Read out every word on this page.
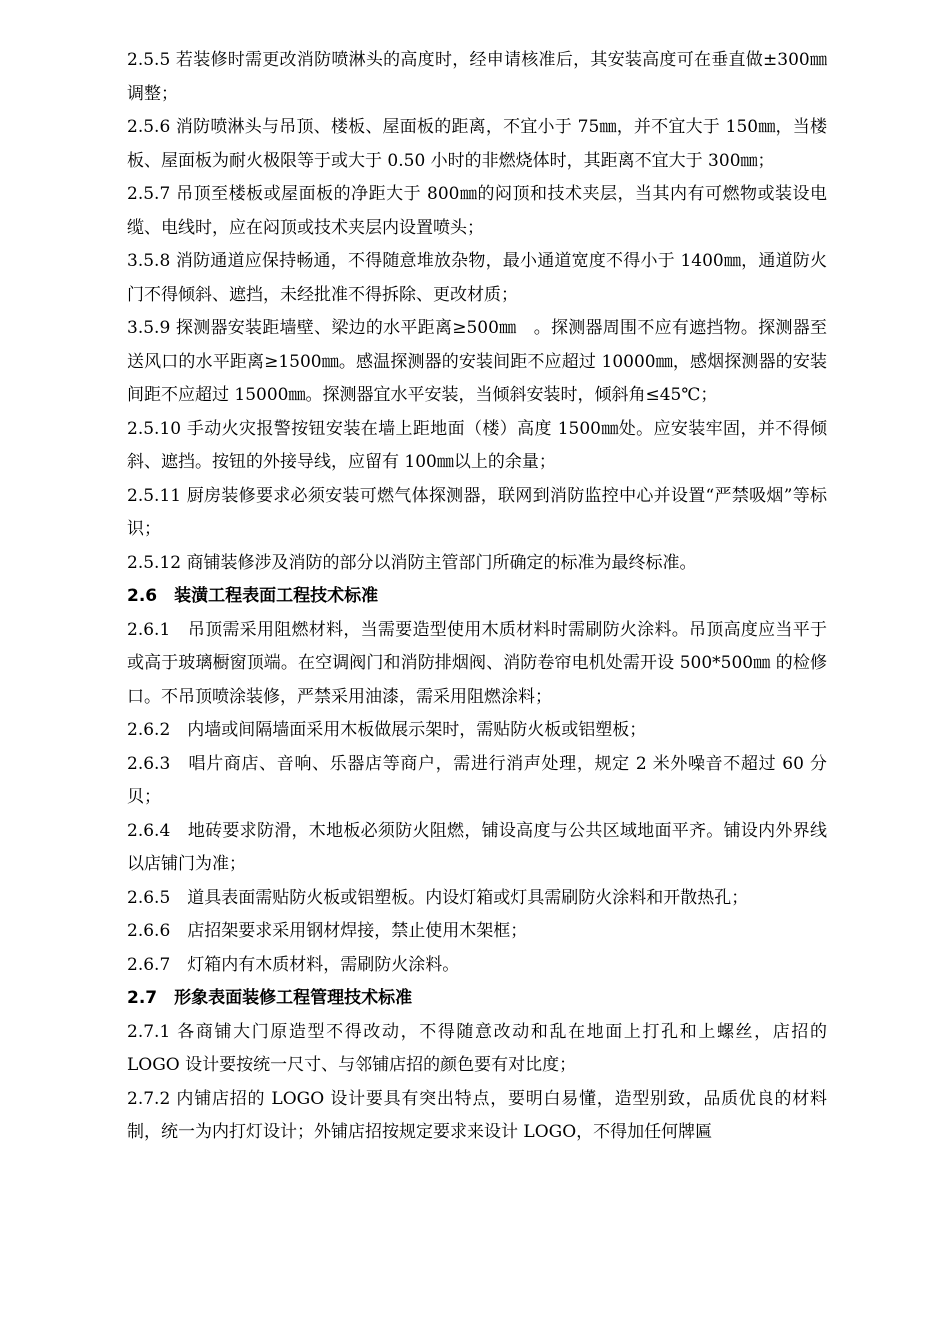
2.5.5 若装修时需更改消防喷淋头的高度时，经申请核准后，其安装高度可在垂直做±300㎜调整；

2.5.6 消防喷淋头与吊顶、楼板、屋面板的距离，不宜小于 75㎜，并不宜大于 150㎜，当楼板、屋面板为耐火极限等于或大于 0.50 小时的非燃烧体时，其距离不宜大于 300㎜；

2.5.7 吊顶至楼板或屋面板的净距大于 800㎜的闷顶和技术夹层，当其内有可燃物或装设电缆、电线时，应在闷顶或技术夹层内设置喷头；

3.5.8 消防通道应保持畅通，不得随意堆放杂物，最小通道宽度不得小于 1400㎜，通道防火门不得倾斜、遮挡，未经批准不得拆除、更改材质；

3.5.9 探测器安装距墙壁、梁边的水平距离≥500㎜　。探测器周围不应有遮挡物。探测器至送风口的水平距离≥1500㎜。感温探测器的安装间距不应超过 10000㎜，感烟探测器的安装间距不应超过 15000㎜。探测器宜水平安装，当倾斜安装时，倾斜角≤45℃；

2.5.10 手动火灾报警按钮安装在墙上距地面（楼）高度 1500㎜处。应安装牢固，并不得倾斜、遮挡。按钮的外接导线，应留有 100㎜以上的余量；

2.5.11 厨房装修要求必须安装可燃气体探测器，联网到消防监控中心并设置“严禁吸烟”等标识；

2.5.12 商铺装修涉及消防的部分以消防主管部门所确定的标准为最终标准。

2.6　装潢工程表面工程技术标准

2.6.1　吊顶需采用阻燃材料，当需要造型使用木质材料时需刷防火涂料。吊顶高度应当平于或高于玻璃橱窗顶端。在空调阀门和消防排烟阀、消防卷帘电机处需开设 500*500㎜ 的检修口。不吊顶喷涂装修，严禁采用油漆，需采用阻燃涂料；

2.6.2　内墙或间隔墙面采用木板做展示架时，需贴防火板或铝塑板；

2.6.3　唱片商店、音响、乐器店等商户，需进行消声处理，规定 2 米外噪音不超过 60 分贝；

2.6.4　地砖要求防滑，木地板必须防火阻燃，铺设高度与公共区域地面平齐。铺设内外界线以店铺门为准；

2.6.5　道具表面需贴防火板或铝塑板。内设灯箱或灯具需刷防火涂料和开散热孔；

2.6.6　店招架要求采用钢材焊接，禁止使用木架框；

2.6.7　灯箱内有木质材料，需刷防火涂料。

2.7　形象表面装修工程管理技术标准

2.7.1 各商铺大门原造型不得改动，不得随意改动和乱在地面上打孔和上螺丝，店招的 LOGO 设计要按统一尺寸、与邻铺店招的颜色要有对比度；

2.7.2 内铺店招的 LOGO 设计要具有突出特点，要明白易懂，造型别致，品质优良的材料制，统一为内打灯设计；外铺店招按规定要求来设计 LOGO，不得加任何牌匾
